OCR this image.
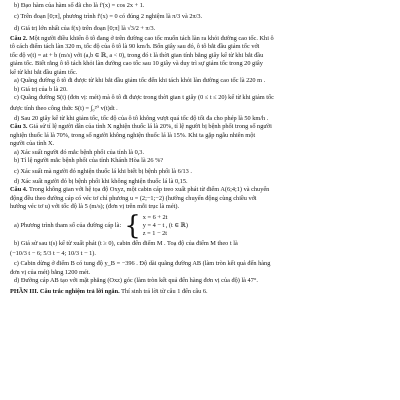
b) Đạo hàm của hàm số đã cho là f'(x) = cos 2x + 1.

c) Trên đoạn [0;π], phương trình f'(x) = 0 có đúng 2 nghiệm là π/3 và 2π/3.

d) Giá trị lớn nhất của f(x) trên đoạn [0;π] là √3/2 + π/3.

Câu 2. Một người điều khiển ô tô đang ở trên đường cao tốc muốn tách làn ra khỏi đường cao tốc. Khi ô

tô cách điểm tách làn 320 m, tốc độ của ô tô là 90 km/h. Bốn giây sau đó, ô tô bắt đầu giảm tốc với

tốc độ v(t) = at + b (m/s) với (a,b ∈ ℝ, a < 0), trong đó t là thời gian tính bằng giây kể từ khi bắt đầu

giảm tốc. Biết rằng ô tô tách khỏi làn đường cao tốc sau 10 giây và duy trì sự giảm tốc trong 20 giây

kể từ khi bắt đầu giảm tốc.

a) Quãng đường ô tô đi được từ khi bắt đầu giảm tốc đến khi tách khỏi làn đường cao tốc là 220 m .

b) Giá trị của b là 20.

c) Quãng đường S(t) (đơn vị: mét) mà ô tô đi được trong thời gian t giây (0 ≤ t ≤ 20) kể từ khi giảm tốc

được tính theo công thức S(t) = ∫₀²⁰ v(t)dt .

d) Sau 20 giây kể từ khi giảm tốc, tốc độ của ô tô không vượt quá tốc độ tối đa cho phép là 50 km/h .

Câu 3. Giả sử tỉ lệ người dân của tỉnh X nghiện thuốc lá là 20%, tỉ lệ người bị bệnh phổi trong số người

nghiện thuốc lá là 70%, trong số người không nghiện thuốc lá là 15%. Khi ta gặp ngẫu nhiên một

người của tỉnh X.

a) Xác suất người đó mắc bệnh phổi của tỉnh là 0,3.

b) Tỉ lệ người mắc bệnh phổi của tỉnh Khánh Hòa là 26 %?

c) Xác suất mà người đó nghiện thuốc lá khi biết bị bệnh phổi là 6/13 .

d) Xác suất người đó bị bệnh phổi khi không nghiện thuốc lá là 0,15.

Câu 4. Trong không gian với hệ tọa độ Oxyz, một cabin cáp treo xuất phát từ điểm A(6;4;1) và chuyển

động đều theo đường cáp có véc tơ chỉ phương u = (2;−1;−2) (hướng chuyển động cùng chiều với

hướng véc tơ u) với tốc độ là 5 (m/s); (đơn vị trên mỗi trục là mét).

a) Phương trình tham số của đường cáp là: { x = 6 + 2t
y = 4 − t , (t ∈ ℝ)
z = 1 − 2t

b) Giả sử sau t(s) kể từ xuất phát (t ≥ 0), cabin đến điểm M . Toạ độ của điểm M theo t là

(−10/3 t − 6; 5/3 t − 4; 10/3 t − 1).

c) Cabin dừng ở điểm B có tung độ y_B = −396 . Độ dài quãng đường AB (làm tròn kết quả đến hàng

đơn vị của mét) bằng 1200 mét.

d) Đường cáp AB tạo với mặt phẳng (Oxz) góc (làm tròn kết quả đến hàng đơn vị của độ) là 47°.

PHẦN III. Câu trắc nghiệm trả lời ngắn. Thí sinh trả lời từ câu 1 đến câu 6.
